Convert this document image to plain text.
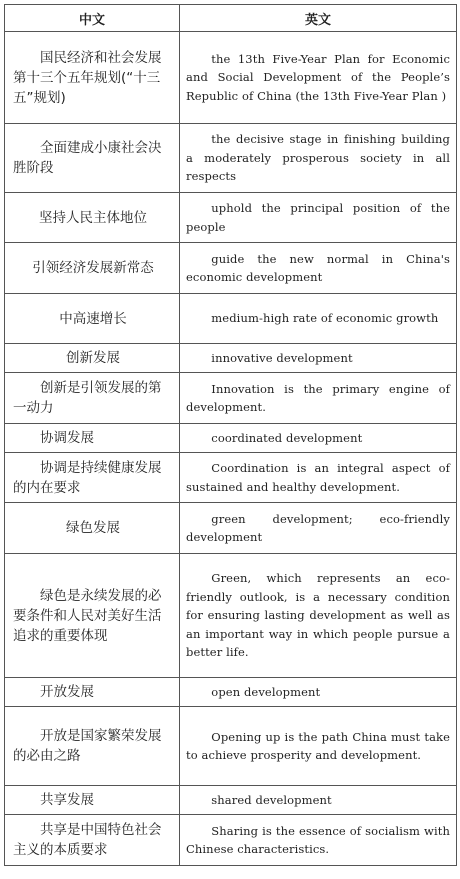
中文	英文
国民经济和社会发展第十三个五年规划(“十三五”规划)	the 13th Five-Year Plan for Economic and Social Development of the People’s Republic of China (the 13th Five-Year Plan )
全面建成小康社会决胜阶段	the decisive stage in finishing building a moderately prosperous society in all respects
坚持人民主体地位	uphold the principal position of the people
引领经济发展新常态	guide the new normal in China's economic development
中高速增长	medium-high rate of economic growth
创新发展	innovative development
创新是引领发展的第一动力	Innovation is the primary engine of development.
协调发展	coordinated development
协调是持续健康发展的内在要求	Coordination is an integral aspect of sustained and healthy development.
绿色发展	green development; eco-friendly development
绿色是永续发展的必要条件和人民对美好生活追求的重要体现	Green, which represents an eco-friendly outlook, is a necessary condition for ensuring lasting development as well as an important way in which people pursue a better life.
开放发展	open development
开放是国家繁荣发展的必由之路	Opening up is the path China must take to achieve prosperity and development.
共享发展	shared development
共享是中国特色社会主义的本质要求	Sharing is the essence of socialism with Chinese characteristics.
